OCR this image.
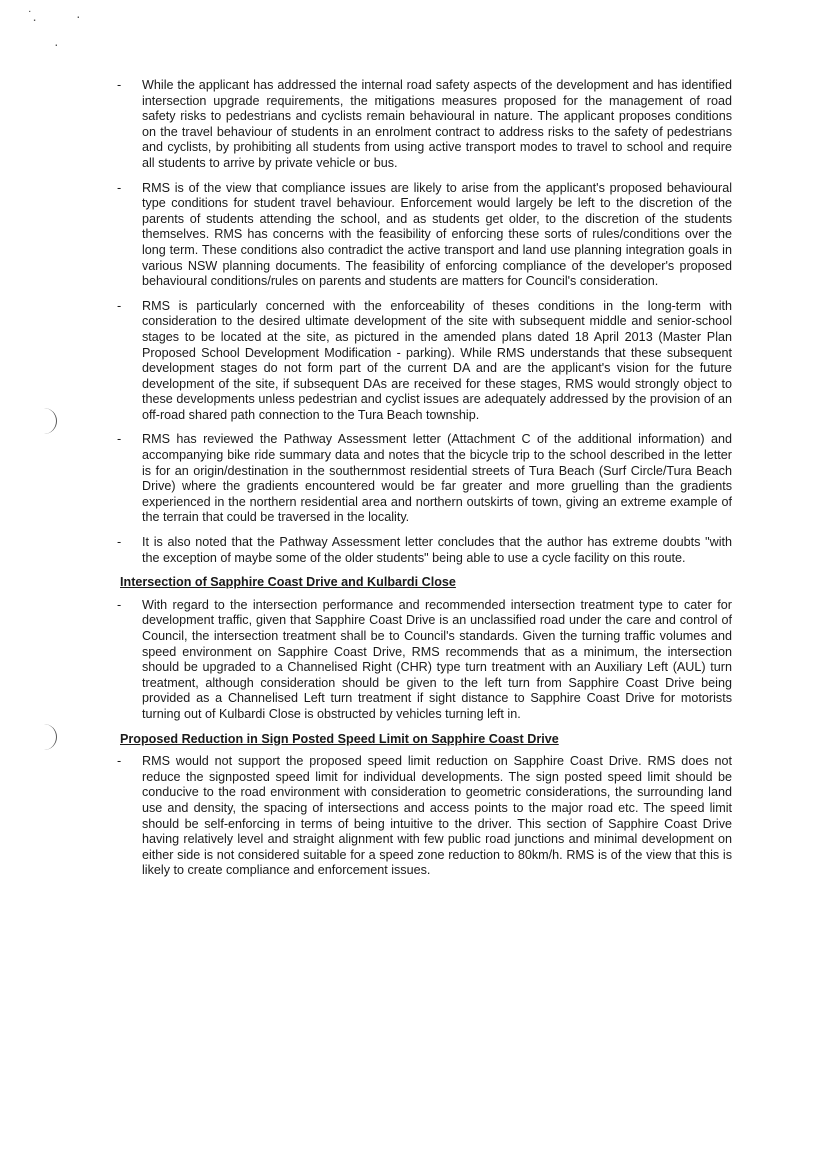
˙.	·
·
- While the applicant has addressed the internal road safety aspects of the development and has identified intersection upgrade requirements, the mitigations measures proposed for the management of road safety risks to pedestrians and cyclists remain behavioural in nature. The applicant proposes conditions on the travel behaviour of students in an enrolment contract to address risks to the safety of pedestrians and cyclists, by prohibiting all students from using active transport modes to travel to school and require all students to arrive by private vehicle or bus.
- RMS is of the view that compliance issues are likely to arise from the applicant's proposed behavioural type conditions for student travel behaviour. Enforcement would largely be left to the discretion of the parents of students attending the school, and as students get older, to the discretion of the students themselves. RMS has concerns with the feasibility of enforcing these sorts of rules/conditions over the long term. These conditions also contradict the active transport and land use planning integration goals in various NSW planning documents. The feasibility of enforcing compliance of the developer's proposed behavioural conditions/rules on parents and students are matters for Council's consideration.
- RMS is particularly concerned with the enforceability of theses conditions in the long-term with consideration to the desired ultimate development of the site with subsequent middle and senior-school stages to be located at the site, as pictured in the amended plans dated 18 April 2013 (Master Plan Proposed School Development Modification - parking). While RMS understands that these subsequent development stages do not form part of the current DA and are the applicant's vision for the future development of the site, if subsequent DAs are received for these stages, RMS would strongly object to these developments unless pedestrian and cyclist issues are adequately addressed by the provision of an off-road shared path connection to the Tura Beach township.
- RMS has reviewed the Pathway Assessment letter (Attachment C of the additional information) and accompanying bike ride summary data and notes that the bicycle trip to the school described in the letter is for an origin/destination in the southernmost residential streets of Tura Beach (Surf Circle/Tura Beach Drive) where the gradients encountered would be far greater and more gruelling than the gradients experienced in the northern residential area and northern outskirts of town, giving an extreme example of the terrain that could be traversed in the locality.
- It is also noted that the Pathway Assessment letter concludes that the author has extreme doubts "with the exception of maybe some of the older students" being able to use a cycle facility on this route.
Intersection of Sapphire Coast Drive and Kulbardi Close
- With regard to the intersection performance and recommended intersection treatment type to cater for development traffic, given that Sapphire Coast Drive is an unclassified road under the care and control of Council, the intersection treatment shall be to Council's standards. Given the turning traffic volumes and speed environment on Sapphire Coast Drive, RMS recommends that as a minimum, the intersection should be upgraded to a Channelised Right (CHR) type turn treatment with an Auxiliary Left (AUL) turn treatment, although consideration should be given to the left turn from Sapphire Coast Drive being provided as a Channelised Left turn treatment if sight distance to Sapphire Coast Drive for motorists turning out of Kulbardi Close is obstructed by vehicles turning left in.
Proposed Reduction in Sign Posted Speed Limit on Sapphire Coast Drive
- RMS would not support the proposed speed limit reduction on Sapphire Coast Drive. RMS does not reduce the signposted speed limit for individual developments. The sign posted speed limit should be conducive to the road environment with consideration to geometric considerations, the surrounding land use and density, the spacing of intersections and access points to the major road etc. The speed limit should be self-enforcing in terms of being intuitive to the driver. This section of Sapphire Coast Drive having relatively level and straight alignment with few public road junctions and minimal development on either side is not considered suitable for a speed zone reduction to 80km/h. RMS is of the view that this is likely to create compliance and enforcement issues.
